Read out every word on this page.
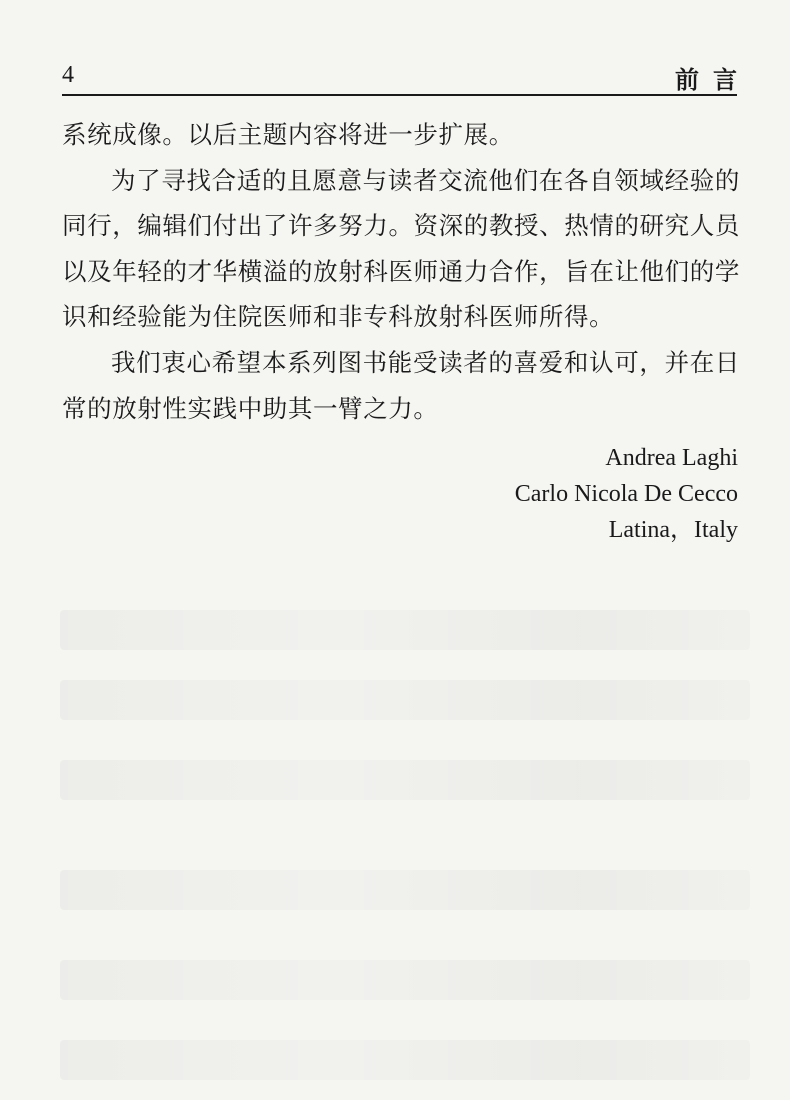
4	前言

系统成像。以后主题内容将进一步扩展。

为了寻找合适的且愿意与读者交流他们在各自领域经验的同行，编辑们付出了许多努力。资深的教授、热情的研究人员以及年轻的才华横溢的放射科医师通力合作，旨在让他们的学识和经验能为住院医师和非专科放射科医师所得。

我们衷心希望本系列图书能受读者的喜爱和认可，并在日常的放射性实践中助其一臂之力。

Andrea Laghi
Carlo Nicola De Cecco
Latina，Italy
